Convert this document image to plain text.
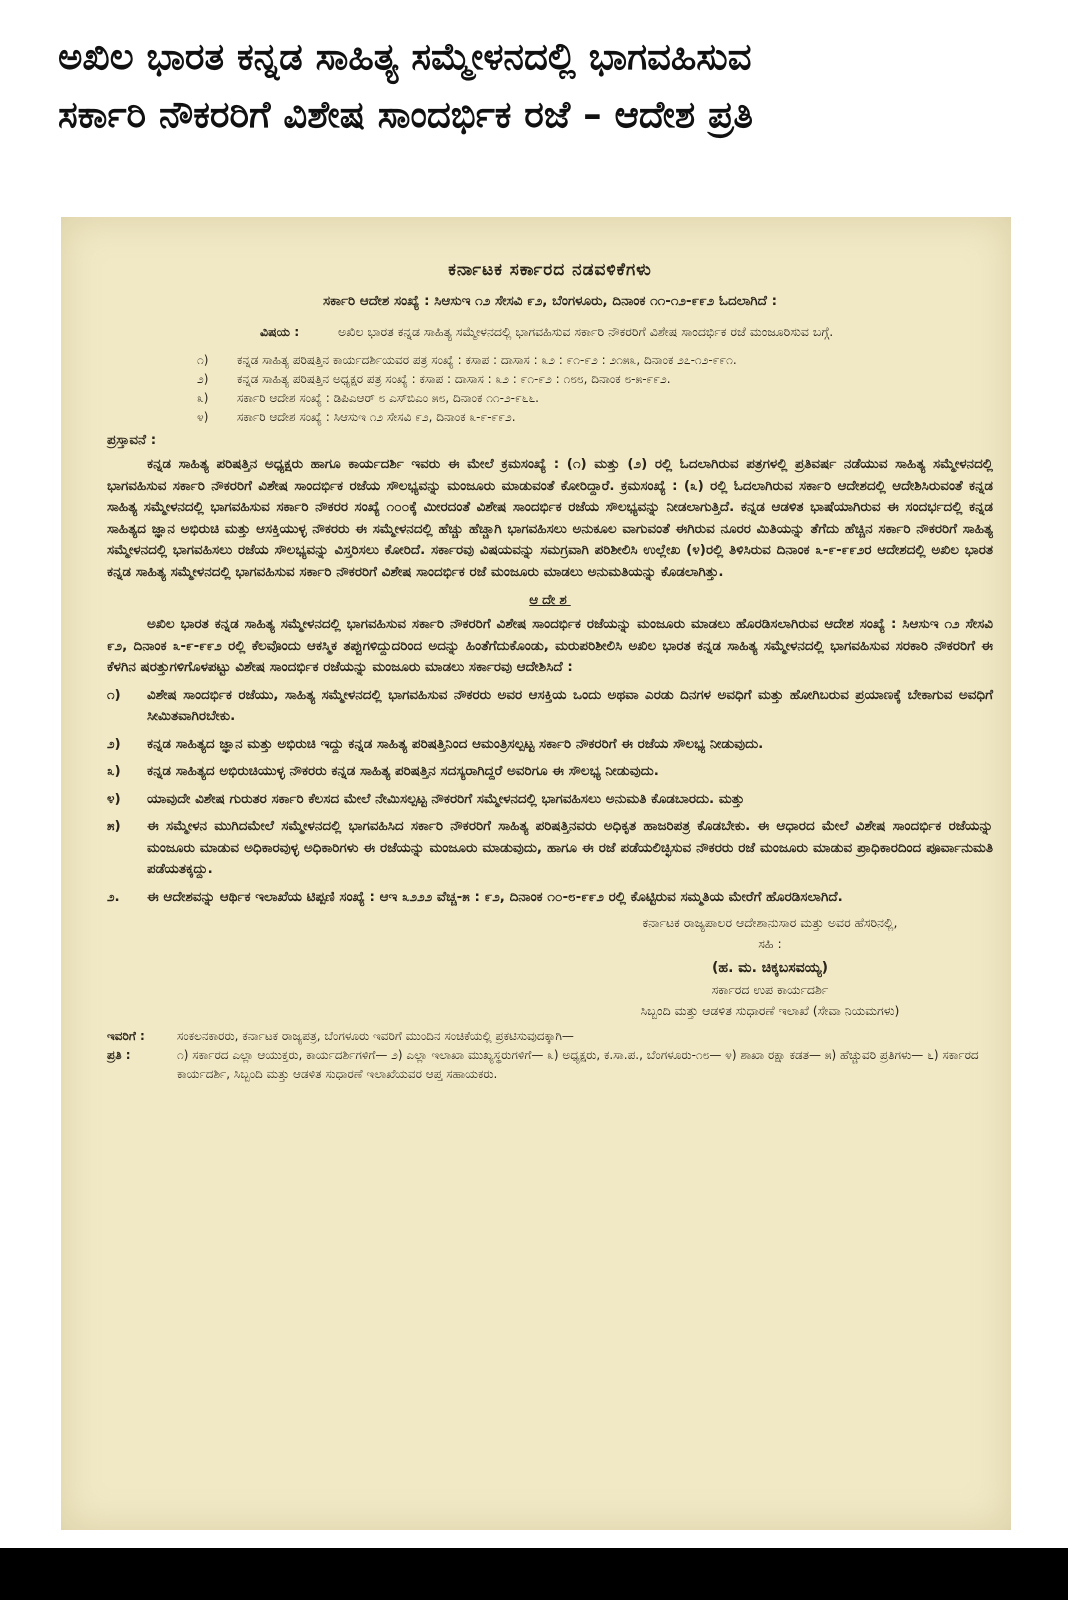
ಅಖಿಲ ಭಾರತ ಕನ್ನಡ ಸಾಹಿತ್ಯ ಸಮ್ಮೇಳನದಲ್ಲಿ ಭಾಗವಹಿಸುವ
ಸರ್ಕಾರಿ ನೌಕರರಿಗೆ ವಿಶೇಷ ಸಾಂದರ್ಭಿಕ ರಜೆ – ಆದೇಶ ಪ್ರತಿ
ಕರ್ನಾಟಕ ಸರ್ಕಾರದ ನಡವಳಿಕೆಗಳು
ಸರ್ಕಾರಿ ಆದೇಶ ಸಂಖ್ಯೆ : ಸಿಆಸುಇ ೧೨ ಸೇಸವಿ ೯೨, ಬೆಂಗಳೂರು, ದಿನಾಂಕ ೧೧-೧೨-೯೯೨ ಓದಲಾಗಿದೆ :
ವಿಷಯ :	ಅಖಿಲ ಭಾರತ ಕನ್ನಡ ಸಾಹಿತ್ಯ ಸಮ್ಮೇಳನದಲ್ಲಿ ಭಾಗವಹಿಸುವ ಸರ್ಕಾರಿ ನೌಕರರಿಗೆ ವಿಶೇಷ ಸಾಂದರ್ಭಿಕ ರಜೆ ಮಂಜೂರಿಸುವ ಬಗ್ಗೆ.
೧)	ಕನ್ನಡ ಸಾಹಿತ್ಯ ಪರಿಷತ್ತಿನ ಕಾರ್ಯದರ್ಶಿಯವರ ಪತ್ರ ಸಂಖ್ಯೆ : ಕಸಾಪ : ದಾಸಾಸ : ೩೨ : ೯೧-೯೨ : ೨೧೫೩, ದಿನಾಂಕ ೨೭-೧೨-೯೯೧.
೨)	ಕನ್ನಡ ಸಾಹಿತ್ಯ ಪರಿಷತ್ತಿನ ಅಧ್ಯಕ್ಷರ ಪತ್ರ ಸಂಖ್ಯೆ : ಕಸಾಪ : ದಾಸಾಸ : ೩೨ : ೯೧-೯೨ : ೧೮೮, ದಿನಾಂಕ ೮-೫-೯೯೨.
೩)	ಸರ್ಕಾರಿ ಆದೇಶ ಸಂಖ್ಯೆ : ಡಿಪಿಎಆರ್ ೮ ಎಸ್‌ಬಿಎಂ ೫೮, ದಿನಾಂಕ ೧೧-೨-೯೬೬.
೪)	ಸರ್ಕಾರಿ ಆದೇಶ ಸಂಖ್ಯೆ : ಸಿಆಸುಇ ೧೨ ಸೇಸವಿ ೯೨, ದಿನಾಂಕ ೩-೯-೯೯೨.
ಪ್ರಸ್ತಾವನೆ :
ಕನ್ನಡ ಸಾಹಿತ್ಯ ಪರಿಷತ್ತಿನ ಅಧ್ಯಕ್ಷರು ಹಾಗೂ ಕಾರ್ಯದರ್ಶಿ ಇವರು ಈ ಮೇಲೆ ಕ್ರಮಸಂಖ್ಯೆ : (೧) ಮತ್ತು (೨) ರಲ್ಲಿ ಓದಲಾಗಿರುವ ಪತ್ರಗಳಲ್ಲಿ ಪ್ರತಿವರ್ಷ ನಡೆಯುವ ಸಾಹಿತ್ಯ ಸಮ್ಮೇಳನದಲ್ಲಿ ಭಾಗವಹಿಸುವ ಸರ್ಕಾರಿ ನೌಕರರಿಗೆ ವಿಶೇಷ ಸಾಂದರ್ಭಿಕ ರಜೆಯ ಸೌಲಭ್ಯವನ್ನು ಮಂಜೂರು ಮಾಡುವಂತೆ ಕೋರಿದ್ದಾರೆ. ಕ್ರಮಸಂಖ್ಯೆ : (೩) ರಲ್ಲಿ ಓದಲಾಗಿರುವ ಸರ್ಕಾರಿ ಆದೇಶದಲ್ಲಿ ಆದೇಶಿಸಿರುವಂತೆ ಕನ್ನಡ ಸಾಹಿತ್ಯ ಸಮ್ಮೇಳನದಲ್ಲಿ ಭಾಗವಹಿಸುವ ಸರ್ಕಾರಿ ನೌಕರರ ಸಂಖ್ಯೆ ೧೦೦ಕ್ಕೆ ಮೀರದಂತೆ ವಿಶೇಷ ಸಾಂದರ್ಭಿಕ ರಜೆಯ ಸೌಲಭ್ಯವನ್ನು ನೀಡಲಾಗುತ್ತಿದೆ. ಕನ್ನಡ ಆಡಳಿತ ಭಾಷೆಯಾಗಿರುವ ಈ ಸಂದರ್ಭದಲ್ಲಿ ಕನ್ನಡ ಸಾಹಿತ್ಯದ ಜ್ಞಾನ ಅಭಿರುಚಿ ಮತ್ತು ಆಸಕ್ತಿಯುಳ್ಳ ನೌಕರರು ಈ ಸಮ್ಮೇಳನದಲ್ಲಿ ಹೆಚ್ಚು ಹೆಚ್ಚಾಗಿ ಭಾಗವಹಿಸಲು ಅನುಕೂಲ ವಾಗುವಂತೆ ಈಗಿರುವ ನೂರರ ಮಿತಿಯನ್ನು ತೆಗೆದು ಹೆಚ್ಚಿನ ಸರ್ಕಾರಿ ನೌಕರರಿಗೆ ಸಾಹಿತ್ಯ ಸಮ್ಮೇಳನದಲ್ಲಿ ಭಾಗವಹಿಸಲು ರಜೆಯ ಸೌಲಭ್ಯವನ್ನು ವಿಸ್ತರಿಸಲು ಕೋರಿದೆ. ಸರ್ಕಾರವು ವಿಷಯವನ್ನು ಸಮಗ್ರವಾಗಿ ಪರಿಶೀಲಿಸಿ ಉಲ್ಲೇಖ (೪)ರಲ್ಲಿ ತಿಳಿಸಿರುವ ದಿನಾಂಕ ೩-೯-೯೯೨ರ ಆದೇಶದಲ್ಲಿ ಅಖಿಲ ಭಾರತ ಕನ್ನಡ ಸಾಹಿತ್ಯ ಸಮ್ಮೇಳನದಲ್ಲಿ ಭಾಗವಹಿಸುವ ಸರ್ಕಾರಿ ನೌಕರರಿಗೆ ವಿಶೇಷ ಸಾಂದರ್ಭಿಕ ರಜೆ ಮಂಜೂರು ಮಾಡಲು ಅನುಮತಿಯನ್ನು ಕೊಡಲಾಗಿತ್ತು.
ಆದೇಶ
ಅಖಿಲ ಭಾರತ ಕನ್ನಡ ಸಾಹಿತ್ಯ ಸಮ್ಮೇಳನದಲ್ಲಿ ಭಾಗವಹಿಸುವ ಸರ್ಕಾರಿ ನೌಕರರಿಗೆ ವಿಶೇಷ ಸಾಂದರ್ಭಿಕ ರಜೆಯನ್ನು ಮಂಜೂರು ಮಾಡಲು ಹೊರಡಿಸಲಾಗಿರುವ ಆದೇಶ ಸಂಖ್ಯೆ : ಸಿಆಸುಇ ೧೨ ಸೇಸವಿ ೯೨, ದಿನಾಂಕ ೩-೯-೯೯೨ ರಲ್ಲಿ ಕೆಲವೊಂದು ಆಕಸ್ಮಿಕ ತಪ್ಪುಗಳಿದ್ದುದರಿಂದ ಅದನ್ನು ಹಿಂತೆಗೆದುಕೊಂಡು, ಮರುಪರಿಶೀಲಿಸಿ ಅಖಿಲ ಭಾರತ ಕನ್ನಡ ಸಾಹಿತ್ಯ ಸಮ್ಮೇಳನದಲ್ಲಿ ಭಾಗವಹಿಸುವ ಸರಕಾರಿ ನೌಕರರಿಗೆ ಈ ಕೆಳಗಿನ ಷರತ್ತುಗಳಿಗೊಳಪಟ್ಟು ವಿಶೇಷ ಸಾಂದರ್ಭಿಕ ರಜೆಯನ್ನು ಮಂಜೂರು ಮಾಡಲು ಸರ್ಕಾರವು ಆದೇಶಿಸಿದೆ :
೧)	ವಿಶೇಷ ಸಾಂದರ್ಭಿಕ ರಜೆಯು, ಸಾಹಿತ್ಯ ಸಮ್ಮೇಳನದಲ್ಲಿ ಭಾಗವಹಿಸುವ ನೌಕರರು ಅವರ ಆಸಕ್ತಿಯ ಒಂದು ಅಥವಾ ಎರಡು ದಿನಗಳ ಅವಧಿಗೆ ಮತ್ತು ಹೋಗಿಬರುವ ಪ್ರಯಾಣಕ್ಕೆ ಬೇಕಾಗುವ ಅವಧಿಗೆ ಸೀಮಿತವಾಗಿರಬೇಕು.
೨)	ಕನ್ನಡ ಸಾಹಿತ್ಯದ ಜ್ಞಾನ ಮತ್ತು ಅಭಿರುಚಿ ಇದ್ದು ಕನ್ನಡ ಸಾಹಿತ್ಯ ಪರಿಷತ್ತಿನಿಂದ ಆಮಂತ್ರಿಸಲ್ಪಟ್ಟ ಸರ್ಕಾರಿ ನೌಕರರಿಗೆ ಈ ರಜೆಯ ಸೌಲಭ್ಯ ನೀಡುವುದು.
೩)	ಕನ್ನಡ ಸಾಹಿತ್ಯದ ಅಭಿರುಚಿಯುಳ್ಳ ನೌಕರರು ಕನ್ನಡ ಸಾಹಿತ್ಯ ಪರಿಷತ್ತಿನ ಸದಸ್ಯರಾಗಿದ್ದರೆ ಅವರಿಗೂ ಈ ಸೌಲಭ್ಯ ನೀಡುವುದು.
೪)	ಯಾವುದೇ ವಿಶೇಷ ಗುರುತರ ಸರ್ಕಾರಿ ಕೆಲಸದ ಮೇಲೆ ನೇಮಿಸಲ್ಪಟ್ಟ ನೌಕರರಿಗೆ ಸಮ್ಮೇಳನದಲ್ಲಿ ಭಾಗವಹಿಸಲು ಅನುಮತಿ ಕೊಡಬಾರದು. ಮತ್ತು
೫)	ಈ ಸಮ್ಮೇಳನ ಮುಗಿದಮೇಲೆ ಸಮ್ಮೇಳನದಲ್ಲಿ ಭಾಗವಹಿಸಿದ ಸರ್ಕಾರಿ ನೌಕರರಿಗೆ ಸಾಹಿತ್ಯ ಪರಿಷತ್ತಿನವರು ಅಧಿಕೃತ ಹಾಜರಿಪತ್ರ ಕೊಡಬೇಕು. ಈ ಆಧಾರದ ಮೇಲೆ ವಿಶೇಷ ಸಾಂದರ್ಭಿಕ ರಜೆಯನ್ನು ಮಂಜೂರು ಮಾಡುವ ಅಧಿಕಾರವುಳ್ಳ ಅಧಿಕಾರಿಗಳು ಈ ರಜೆಯನ್ನು ಮಂಜೂರು ಮಾಡುವುದು, ಹಾಗೂ ಈ ರಜೆ ಪಡೆಯಲಿಚ್ಛಿಸುವ ನೌಕರರು ರಜೆ ಮಂಜೂರು ಮಾಡುವ ಪ್ರಾಧಿಕಾರದಿಂದ ಪೂರ್ವಾನುಮತಿ ಪಡೆಯತಕ್ಕದ್ದು.
೨.	ಈ ಆದೇಶವನ್ನು ಆರ್ಥಿಕ ಇಲಾಖೆಯ ಟಿಪ್ಪಣಿ ಸಂಖ್ಯೆ : ಆಇ ೩೨೨೨ ವೆಚ್ಚ-೫ : ೯೨, ದಿನಾಂಕ ೧೦-೮-೯೯೨ ರಲ್ಲಿ ಕೊಟ್ಟಿರುವ ಸಮ್ಮತಿಯ ಮೇರೆಗೆ ಹೊರಡಿಸಲಾಗಿದೆ.
ಕರ್ನಾಟಕ ರಾಜ್ಯಪಾಲರ ಆದೇಶಾನುಸಾರ ಮತ್ತು ಅವರ ಹೆಸರಿನಲ್ಲಿ,
ಸಹಿ :
(ಹ. ಮ. ಚಿಕ್ಕಬಸವಯ್ಯ)
ಸರ್ಕಾರದ ಉಪ ಕಾರ್ಯದರ್ಶಿ
ಸಿಬ್ಬಂದಿ ಮತ್ತು ಆಡಳಿತ ಸುಧಾರಣೆ ಇಲಾಖೆ (ಸೇವಾ ನಿಯಮಗಳು)
ಇವರಿಗೆ :	ಸಂಕಲನಕಾರರು, ಕರ್ನಾಟಕ ರಾಜ್ಯಪತ್ರ, ಬೆಂಗಳೂರು ಇವರಿಗೆ ಮುಂದಿನ ಸಂಚಿಕೆಯಲ್ಲಿ ಪ್ರಕಟಿಸುವುದಕ್ಕಾಗಿ—
ಪ್ರತಿ :	೧) ಸರ್ಕಾರದ ಎಲ್ಲಾ ಆಯುಕ್ತರು, ಕಾರ್ಯದರ್ಶಿಗಳಿಗೆ— ೨) ಎಲ್ಲಾ ಇಲಾಖಾ ಮುಖ್ಯಸ್ಥರುಗಳಿಗೆ— ೩) ಅಧ್ಯಕ್ಷರು, ಕ.ಸಾ.ಪ., ಬೆಂಗಳೂರು-೧೮— ೪) ಶಾಖಾ ರಕ್ಷಾ ಕಡತ— ೫) ಹೆಚ್ಚುವರಿ ಪ್ರತಿಗಳು— ೬) ಸರ್ಕಾರದ ಕಾರ್ಯದರ್ಶಿ, ಸಿಬ್ಬಂದಿ ಮತ್ತು ಆಡಳಿತ ಸುಧಾರಣೆ ಇಲಾಖೆಯವರ ಆಪ್ತ ಸಹಾಯಕರು.
